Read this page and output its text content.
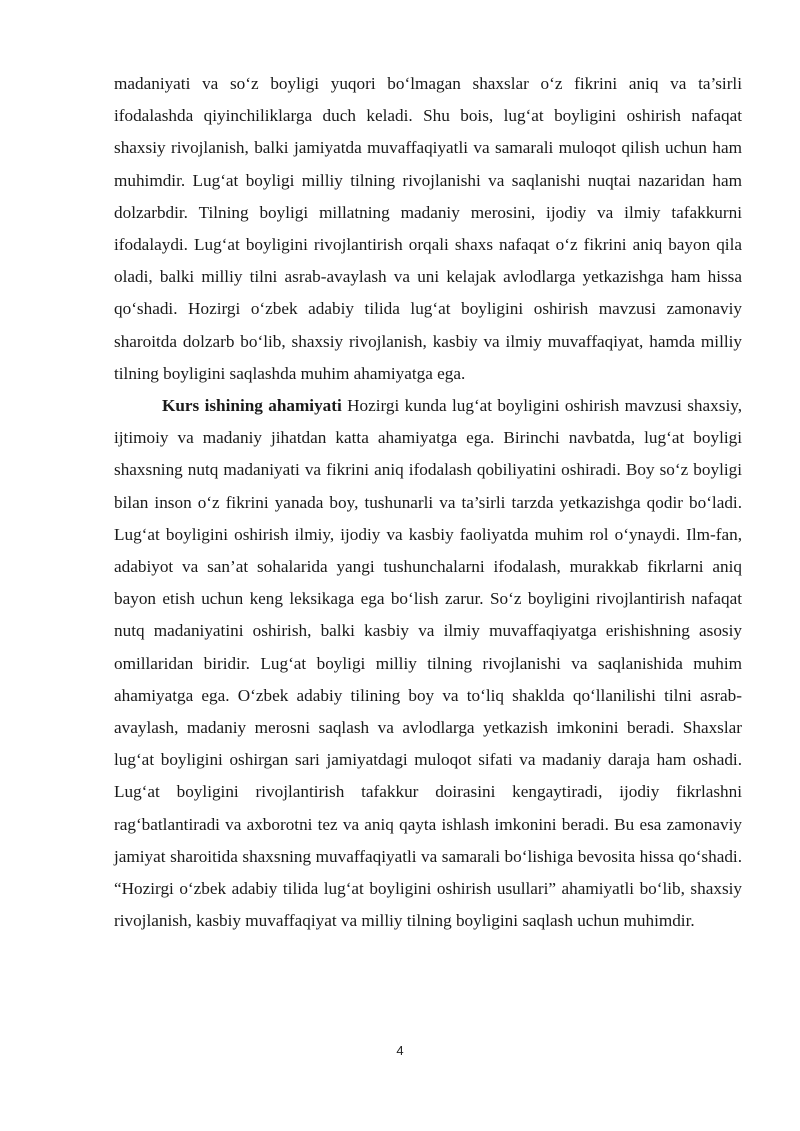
madaniyati va so‘z boyligi yuqori bo‘lmagan shaxslar o‘z fikrini aniq va ta’sirli ifodalashda qiyinchiliklarga duch keladi. Shu bois, lug‘at boyligini oshirish nafaqat shaxsiy rivojlanish, balki jamiyatda muvaffaqiyatli va samarali muloqot qilish uchun ham muhimdir. Lug‘at boyligi milliy tilning rivojlanishi va saqlanishi nuqtai nazaridan ham dolzarbdir. Tilning boyligi millatning madaniy merosini, ijodiy va ilmiy tafakkurni ifodalaydi. Lug‘at boyligini rivojlantirish orqali shaxs nafaqat o‘z fikrini aniq bayon qila oladi, balki milliy tilni asrab-avaylash va uni kelajak avlodlarga yetkazishga ham hissa qo‘shadi. Hozirgi o‘zbek adabiy tilida lug‘at boyligini oshirish mavzusi zamonaviy sharoitda dolzarb bo‘lib, shaxsiy rivojlanish, kasbiy va ilmiy muvaffaqiyat, hamda milliy tilning boyligini saqlashda muhim ahamiyatga ega.

Kurs ishining ahamiyati Hozirgi kunda lug‘at boyligini oshirish mavzusi shaxsiy, ijtimoiy va madaniy jihatdan katta ahamiyatga ega. Birinchi navbatda, lug‘at boyligi shaxsning nutq madaniyati va fikrini aniq ifodalash qobiliyatini oshiradi. Boy so‘z boyligi bilan inson o‘z fikrini yanada boy, tushunarli va ta’sirli tarzda yetkazishga qodir bo‘ladi. Lug‘at boyligini oshirish ilmiy, ijodiy va kasbiy faoliyatda muhim rol o‘ynaydi. Ilm-fan, adabiyot va san’at sohalarida yangi tushunchalarni ifodalash, murakkab fikrlarni aniq bayon etish uchun keng leksikaga ega bo‘lish zarur. So‘z boyligini rivojlantirish nafaqat nutq madaniyatini oshirish, balki kasbiy va ilmiy muvaffaqiyatga erishishning asosiy omillaridan biridir. Lug‘at boyligi milliy tilning rivojlanishi va saqlanishida muhim ahamiyatga ega. O‘zbek adabiy tilining boy va to‘liq shaklda qo‘llanilishi tilni asrab-avaylash, madaniy merosni saqlash va avlodlarga yetkazish imkonini beradi. Shaxslar lug‘at boyligini oshirgan sari jamiyatdagi muloqot sifati va madaniy daraja ham oshadi. Lug‘at boyligini rivojlantirish tafakkur doirasini kengaytiradi, ijodiy fikrlashni rag‘batlantiradi va axborotni tez va aniq qayta ishlash imkonini beradi. Bu esa zamonaviy jamiyat sharoitida shaxsning muvaffaqiyatli va samarali bo‘lishiga bevosita hissa qo‘shadi. “Hozirgi o‘zbek adabiy tilida lug‘at boyligini oshirish usullari” ahamiyatli bo‘lib, shaxsiy rivojlanish, kasbiy muvaffaqiyat va milliy tilning boyligini saqlash uchun muhimdir.

4
